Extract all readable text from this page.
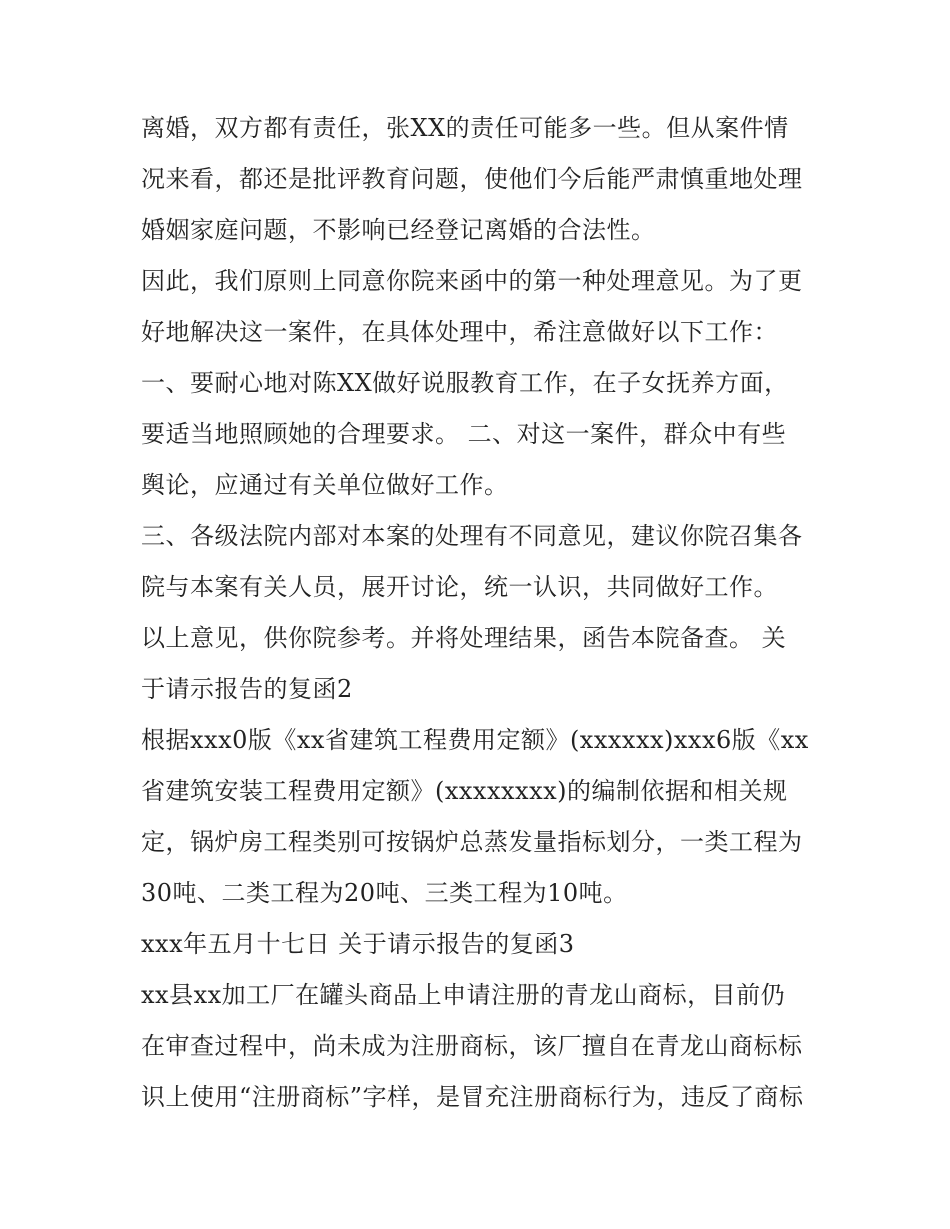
离婚，双方都有责任，张XX的责任可能多一些。但从案件情
况来看，都还是批评教育问题，使他们今后能严肃慎重地处理
婚姻家庭问题，不影响已经登记离婚的合法性。
因此，我们原则上同意你院来函中的第一种处理意见。为了更
好地解决这一案件，在具体处理中，希注意做好以下工作：
一、要耐心地对陈XX做好说服教育工作，在子女抚养方面，
要适当地照顾她的合理要求。 二、对这一案件，群众中有些
舆论，应通过有关单位做好工作。
三、各级法院内部对本案的处理有不同意见，建议你院召集各
院与本案有关人员，展开讨论，统一认识，共同做好工作。
以上意见，供你院参考。并将处理结果，函告本院备查。 关
于请示报告的复函2
根据xxx0版《xx省建筑工程费用定额》(xxxxxx)xxx6版《xx
省建筑安装工程费用定额》(xxxxxxxx)的编制依据和相关规
定，锅炉房工程类别可按锅炉总蒸发量指标划分，一类工程为
30吨、二类工程为20吨、三类工程为10吨。
xxx年五月十七日 关于请示报告的复函3
xx县xx加工厂在罐头商品上申请注册的青龙山商标，目前仍
在审查过程中，尚未成为注册商标，该厂擅自在青龙山商标标
识上使用“注册商标”字样，是冒充注册商标行为，违反了商标
